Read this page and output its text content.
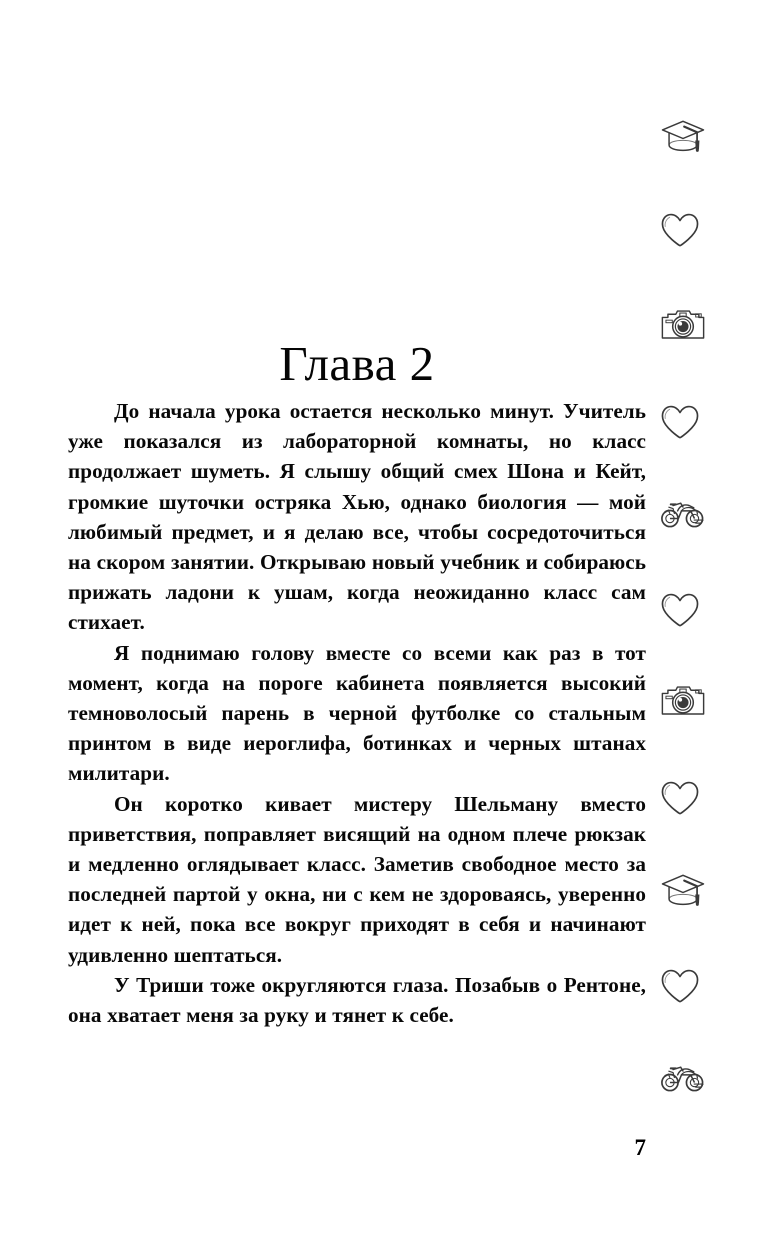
Глава 2

До начала урока остается несколько минут. Учитель уже показался из лабораторной комнаты, но класс продолжает шуметь. Я слышу общий смех Шона и Кейт, громкие шуточки остряка Хью, однако биология — мой любимый предмет, и я делаю все, чтобы сосредоточиться на скором занятии. Открываю новый учебник и собираюсь прижать ладони к ушам, когда неожиданно класс сам стихает.

Я поднимаю голову вместе со всеми как раз в тот момент, когда на пороге кабинета появляется высокий темноволосый парень в черной футболке со стальным принтом в виде иероглифа, ботинках и черных штанах милитари.

Он коротко кивает мистеру Шельману вместо приветствия, поправляет висящий на одном плече рюкзак и медленно оглядывает класс. Заметив свободное место за последней партой у окна, ни с кем не здороваясь, уверенно идет к ней, пока все вокруг приходят в себя и начинают удивленно шептаться.

У Триши тоже округляются глаза. Позабыв о Рентоне, она хватает меня за руку и тянет к себе.

7
